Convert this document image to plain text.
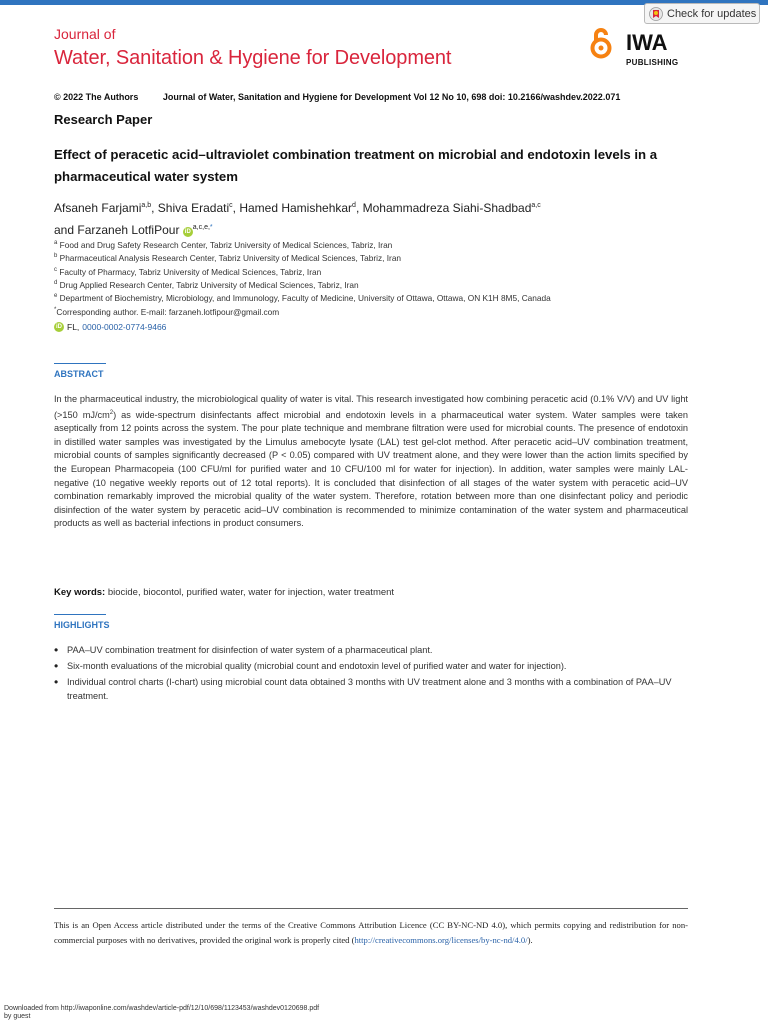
Check for updates
Journal of
Water, Sanitation & Hygiene for Development
IWA
PUBLISHING
© 2022 The Authors	Journal of Water, Sanitation and Hygiene for Development Vol 12 No 10, 698 doi: 10.2166/washdev.2022.071
Research Paper
Effect of peracetic acid–ultraviolet combination treatment on microbial and endotoxin levels in a pharmaceutical water system
Afsaneh Farjami$^{a,b}$, Shiva Eradati$^c$, Hamed Hamishehkar$^d$, Mohammadreza Siahi-Shadbad$^{a,c}$
and Farzaneh LotfiPour $iD^{a,c,e,*}$
$^a$ Food and Drug Safety Research Center, Tabriz University of Medical Sciences, Tabriz, Iran
$^b$ Pharmaceutical Analysis Research Center, Tabriz University of Medical Sciences, Tabriz, Iran
$^c$ Faculty of Pharmacy, Tabriz University of Medical Sciences, Tabriz, Iran
$^d$ Drug Applied Research Center, Tabriz University of Medical Sciences, Tabriz, Iran
$^e$ Department of Biochemistry, Microbiology, and Immunology, Faculty of Medicine, University of Ottawa, Ottawa, ON K1H 8M5, Canada
*Corresponding author. E-mail: farzaneh.lotfipour@gmail.com
iD FL, 0000-0002-0774-9466
ABSTRACT
In the pharmaceutical industry, the microbiological quality of water is vital. This research investigated how combining peracetic acid (0.1% V/V) and UV light (>150 $mJ/cm^2$) as wide-spectrum disinfectants affect microbial and endotoxin levels in a pharmaceutical water system. Water samples were taken aseptically from 12 points across the system. The pour plate technique and membrane filtration were used for microbial counts. The presence of endotoxin in distilled water samples was investigated by the Limulus amebocyte lysate (LAL) test gel-clot method. After peracetic acid–UV combination treatment, microbial counts of samples significantly decreased (P < 0.05) compared with UV treatment alone, and they were lower than the action limits specified by the European Pharmacopeia (100 CFU/ml for purified water and 10 CFU/100 ml for water for injection). In addition, water samples were mainly LAL-negative (10 negative weekly reports out of 12 total reports). It is concluded that disinfection of all stages of the water system with peracetic acid–UV combination remarkably improved the microbial quality of the water system. Therefore, rotation between more than one disinfectant policy and periodic disinfection of the water system by peracetic acid–UV combination is recommended to minimize contamination of the water system and pharmaceutical products as well as bacterial infections in product consumers.
Key words: biocide, biocontol, purified water, water for injection, water treatment
HIGHLIGHTS
• PAA–UV combination treatment for disinfection of water system of a pharmaceutical plant.
• Six-month evaluations of the microbial quality (microbial count and endotoxin level of purified water and water for injection).
• Individual control charts (I-chart) using microbial count data obtained 3 months with UV treatment alone and 3 months with a combination of PAA–UV treatment.
This is an Open Access article distributed under the terms of the Creative Commons Attribution Licence (CC BY-NC-ND 4.0), which permits copying and redistribution for non-commercial purposes with no derivatives, provided the original work is properly cited (http://creativecommons.org/licenses/by-nc-nd/4.0/).
Downloaded from http://iwaponline.com/washdev/article-pdf/12/10/698/1123453/washdev0120698.pdf
by guest
